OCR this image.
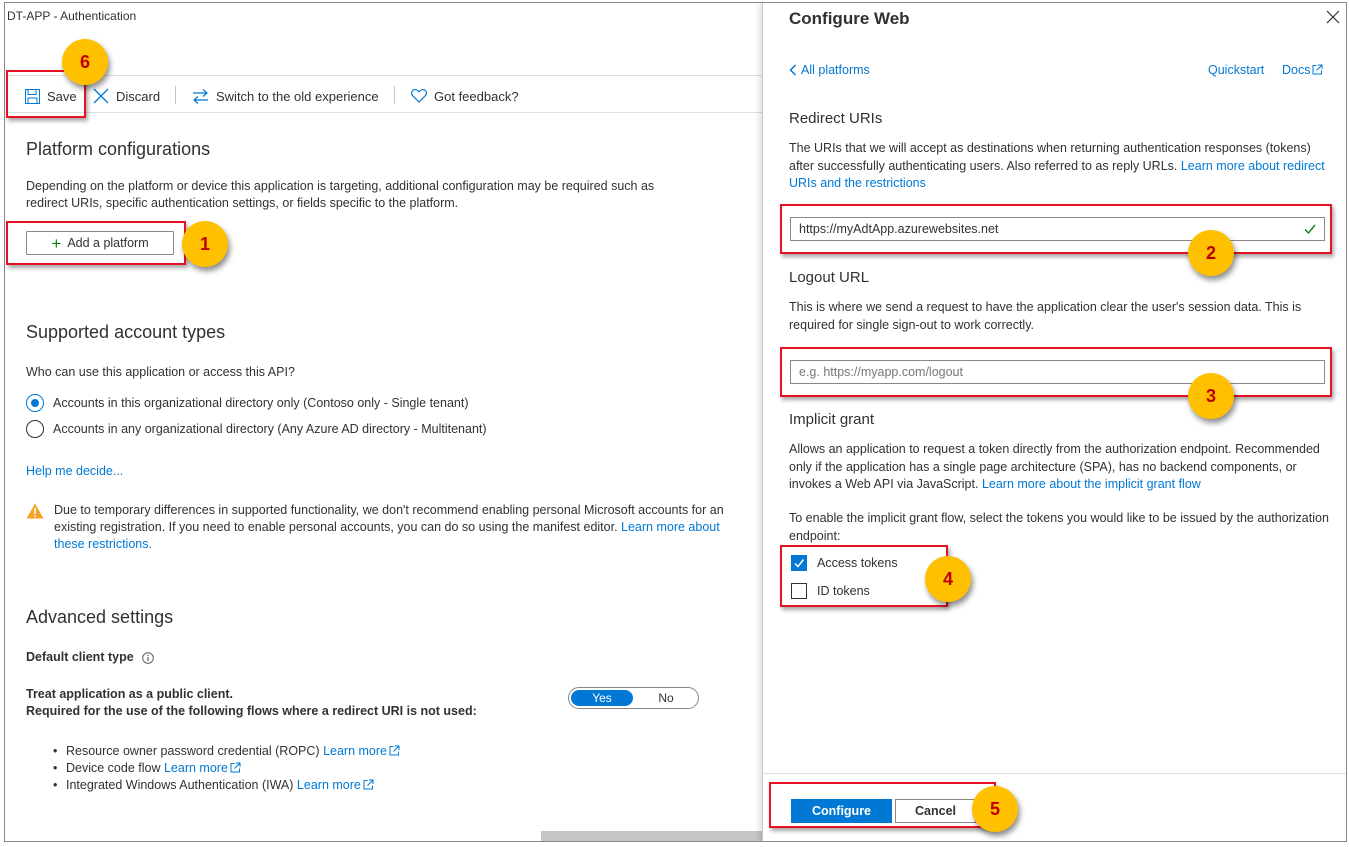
DT-APP - Authentication
Save	Discard	Switch to the old experience	Got feedback?
Platform configurations
Depending on the platform or device this application is targeting, additional configuration may be required such as
redirect URIs, specific authentication settings, or fields specific to the platform.
+ Add a platform
Supported account types
Who can use this application or access this API?
Accounts in this organizational directory only (Contoso only - Single tenant)
Accounts in any organizational directory (Any Azure AD directory - Multitenant)
Help me decide...
Due to temporary differences in supported functionality, we don't recommend enabling personal Microsoft accounts for an existing registration. If you need to enable personal accounts, you can do so using the manifest editor. Learn more about these restrictions.
Advanced settings
Default client type
Treat application as a public client.
Required for the use of the following flows where a redirect URI is not used:
Yes	No
• Resource owner password credential (ROPC) Learn more
• Device code flow Learn more
• Integrated Windows Authentication (IWA) Learn more
Configure Web
All platforms	Quickstart Docs
Redirect URIs
The URIs that we will accept as destinations when returning authentication responses (tokens) after successfully authenticating users. Also referred to as reply URLs. Learn more about redirect URIs and the restrictions
https://myAdtApp.azurewebsites.net
Logout URL
This is where we send a request to have the application clear the user's session data. This is required for single sign-out to work correctly.
e.g. https://myapp.com/logout
Implicit grant
Allows an application to request a token directly from the authorization endpoint. Recommended only if the application has a single page architecture (SPA), has no backend components, or invokes a Web API via JavaScript. Learn more about the implicit grant flow
To enable the implicit grant flow, select the tokens you would like to be issued by the authorization endpoint:
Access tokens
ID tokens
Configure	Cancel
1	2
3
4
5
6
